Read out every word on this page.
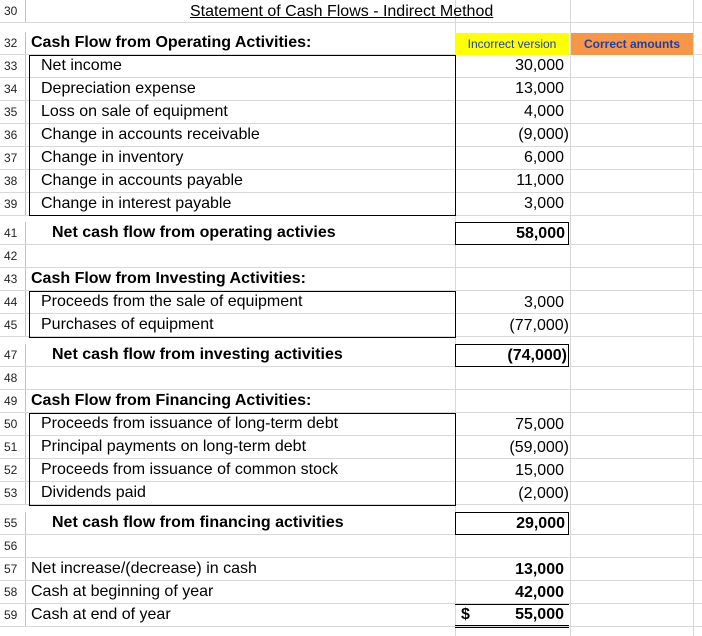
30	Statement of Cash Flows - Indirect Method
32 Cash Flow from Operating Activities:	Incorrect version	Correct amounts
33	Net income	30,000
34	Depreciation expense	13,000
35	Loss on sale of equipment	4,000
36	Change in accounts receivable	(9,000)
37	Change in inventory	6,000
38	Change in accounts payable	11,000
39	Change in interest payable	3,000
41	Net cash flow from operating activies	58,000
42
43 Cash Flow from Investing Activities:
44	Proceeds from the sale of equipment	3,000
45	Purchases of equipment	(77,000)
47	Net cash flow from investing activities	(74,000)
48
49 Cash Flow from Financing Activities:
50	Proceeds from issuance of long-term debt	75,000
51	Principal payments on long-term debt	(59,000)
52	Proceeds from issuance of common stock	15,000
53	Dividends paid	(2,000)
55	Net cash flow from financing activities	29,000
56
57 Net increase/(decrease) in cash	13,000
58 Cash at beginning of year	42,000
59 Cash at end of year	$	55,000
